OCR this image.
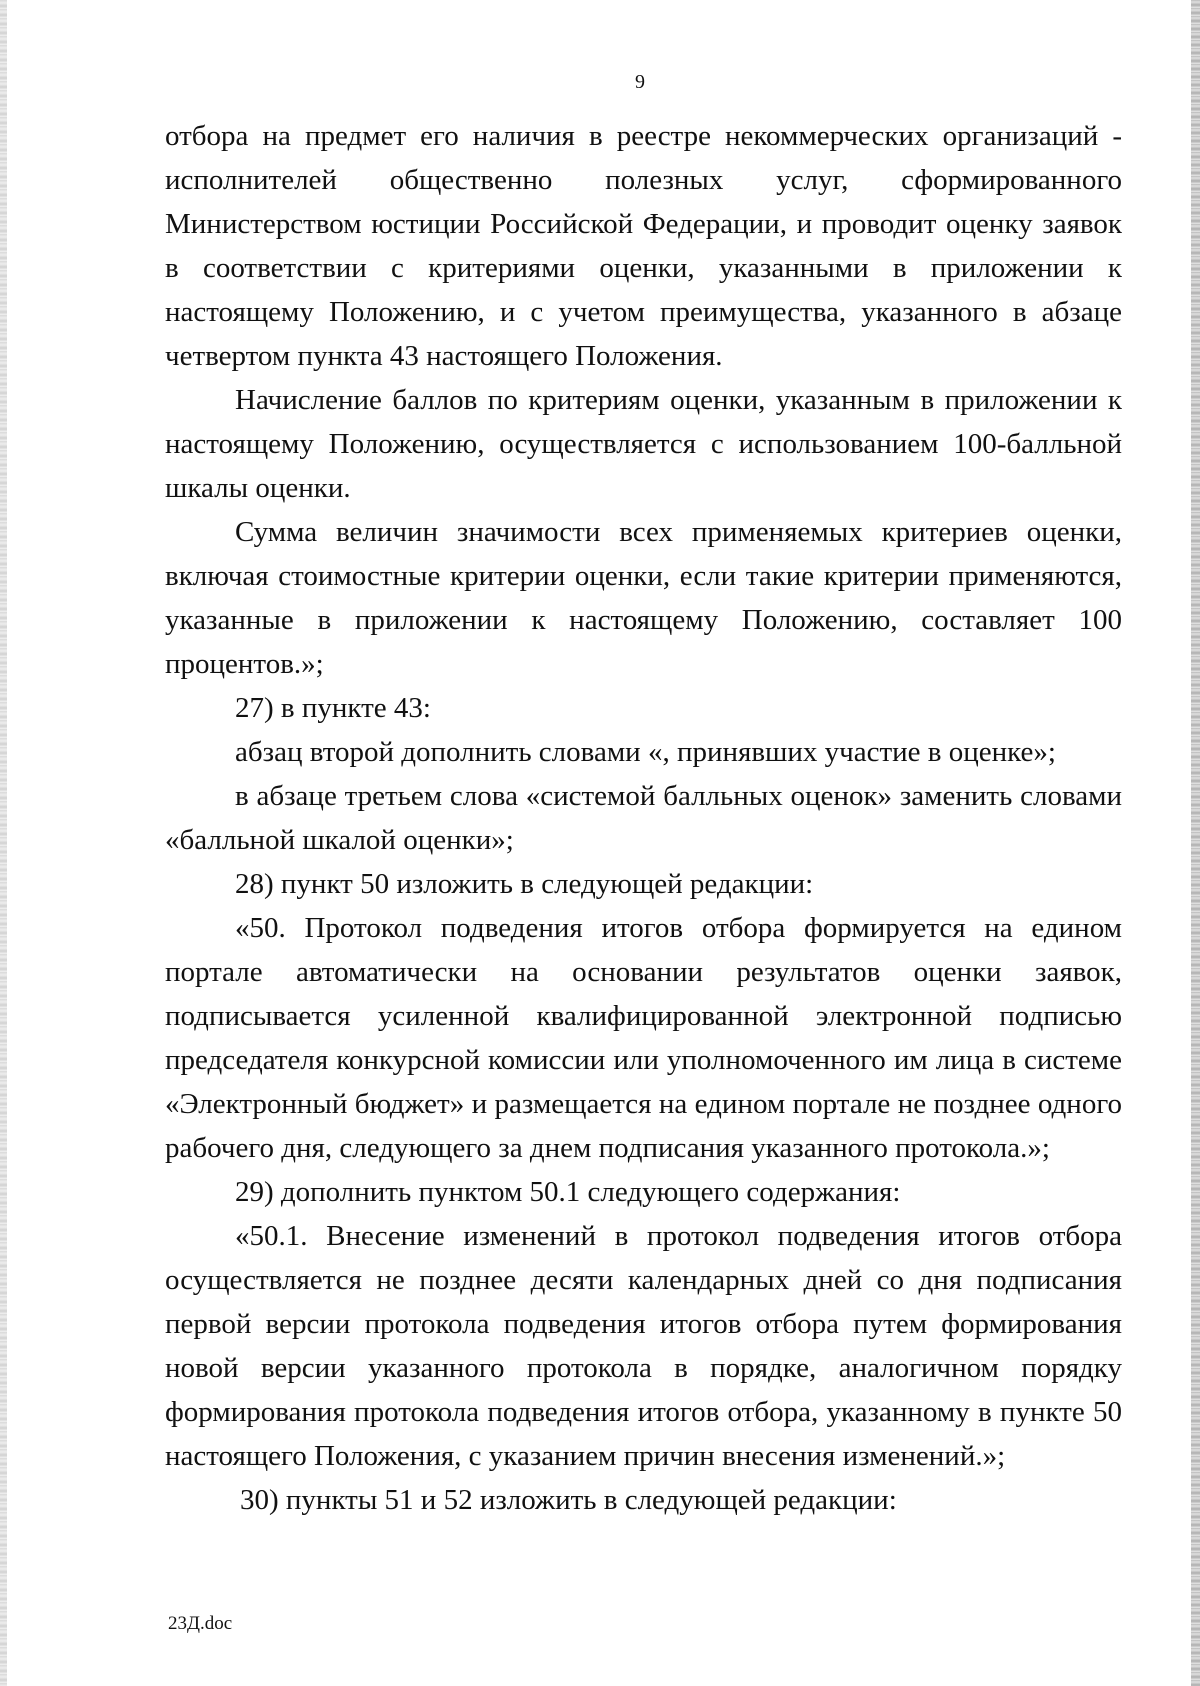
9

отбора на предмет его наличия в реестре некоммерческих организаций - исполнителей общественно полезных услуг, сформированного Министерством юстиции Российской Федерации, и проводит оценку заявок в соответствии с критериями оценки, указанными в приложении к настоящему Положению, и с учетом преимущества, указанного в абзаце четвертом пункта 43 настоящего Положения.

Начисление баллов по критериям оценки, указанным в приложении к настоящему Положению, осуществляется с использованием 100-балльной шкалы оценки.

Сумма величин значимости всех применяемых критериев оценки, включая стоимостные критерии оценки, если такие критерии применяются, указанные в приложении к настоящему Положению, составляет 100 процентов.»;

27) в пункте 43:

абзац второй дополнить словами «, принявших участие в оценке»;

в абзаце третьем слова «системой балльных оценок» заменить словами «балльной шкалой оценки»;

28) пункт 50 изложить в следующей редакции:

«50. Протокол подведения итогов отбора формируется на едином портале автоматически на основании результатов оценки заявок, подписывается усиленной квалифицированной электронной подписью председателя конкурсной комиссии или уполномоченного им лица в системе «Электронный бюджет» и размещается на едином портале не позднее одного рабочего дня, следующего за днем подписания указанного протокола.»;

29) дополнить пунктом 50.1 следующего содержания:

«50.1. Внесение изменений в протокол подведения итогов отбора осуществляется не позднее десяти календарных дней со дня подписания первой версии протокола подведения итогов отбора путем формирования новой версии указанного протокола в порядке, аналогичном порядку формирования протокола подведения итогов отбора, указанному в пункте 50 настоящего Положения, с указанием причин внесения изменений.»;

30) пункты 51 и 52 изложить в следующей редакции:

23Д.doc
